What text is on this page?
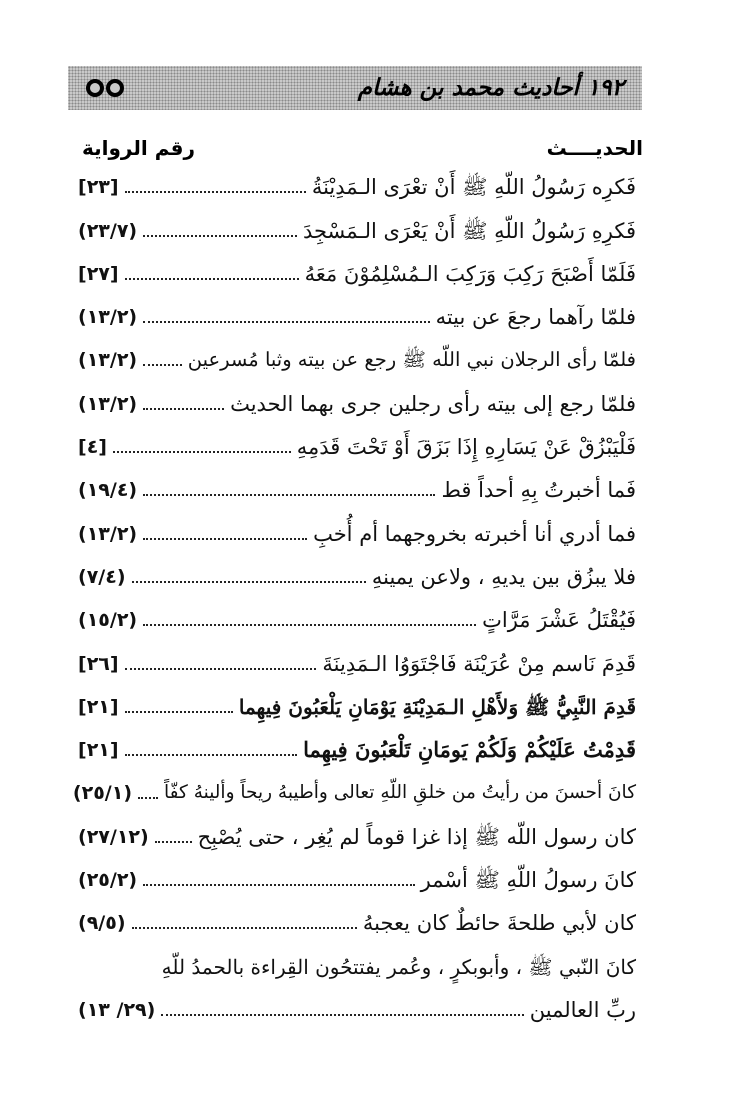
١٩٢ أحاديث محمد بن هشام
الحديــــث
رقم الرواية
فَكرِه رَسُولُ اللّهِ ﷺ أَنْ تعْرَى الـمَدِيْنَةُ
[٢٣]
فَكرِهِ رَسُولُ اللّهِ ﷺ أَنْ يَعْرَى الـمَسْجِدَ
(٢٣/٧)
فَلَمّا أَصْبَحَ رَكِبَ وَرَكِبَ الـمُسْلِمُوْنَ مَعَهُ
[٢٧]
فلمّا رآهما رجعَ عن بيته
(١٣/٢)
فلمّا رأى الرجلان نبي اللّه ﷺ رجع عن بيته وثبا مُسرعين
(١٣/٢)
فلمّا رجع إلى بيته رأى رجلين جرى بهما الحديث
(١٣/٢)
فَلْيَبْزُقْ عَنْ يَسَارِهِ إِذَا بَزَقَ أَوْ تَحْتَ قَدَمِهِ
[٤]
فَما أخبرتُ بِهِ أحداً قط
(١٩/٤)
فما أدري أنا أخبرته بخروجهما أم أُخبِ
(١٣/٢)
فلا يبزُق بين يديهِ ، ولاعن يمينهِ
(٧/٤)
فَيُقْتَلُ عَشْرَ مَرَّاتٍ
(١٥/٢)
قَدِمَ نَاسم مِنْ عُرَيْنَة فَاجْتَوَوُا الـمَدِينَةَ
[٢٦]
قَدِمَ النَّبِيُّ ﷺ وَلأَهْلِ الـمَدِيْنَةِ يَوْمَانِ يَلْعَبُونَ فِيهِما
[٢١]
قَدِمْتُ عَلَيْكُمْ وَلَكُمْ يَومَانِ تَلْعَبُونَ فِيهِما
[٢١]
كانَ أحسنَ من رأيتُ من خلقِ اللّهِ تعالى وأطيبهُ ريحاً وألينهُ كفّاً
(٢٥/١)
كان رسول اللّه ﷺ إذا غزا قوماً لم يُغِر ، حتى يُصْبِح
(٢٧/١٢)
كانَ رسولُ اللّهِ ﷺ أسْمر
(٢٥/٢)
كان لأبي طلحةَ حائطٌ كان يعجبهُ
(٩/٥)
كانَ النّبي ﷺ ، وأبوبكرٍ ، وعُمر يفتتحُون القِراءة بالحمدُ للّهِ
ربِّ العالمين
(٢٩/ ١٣)
